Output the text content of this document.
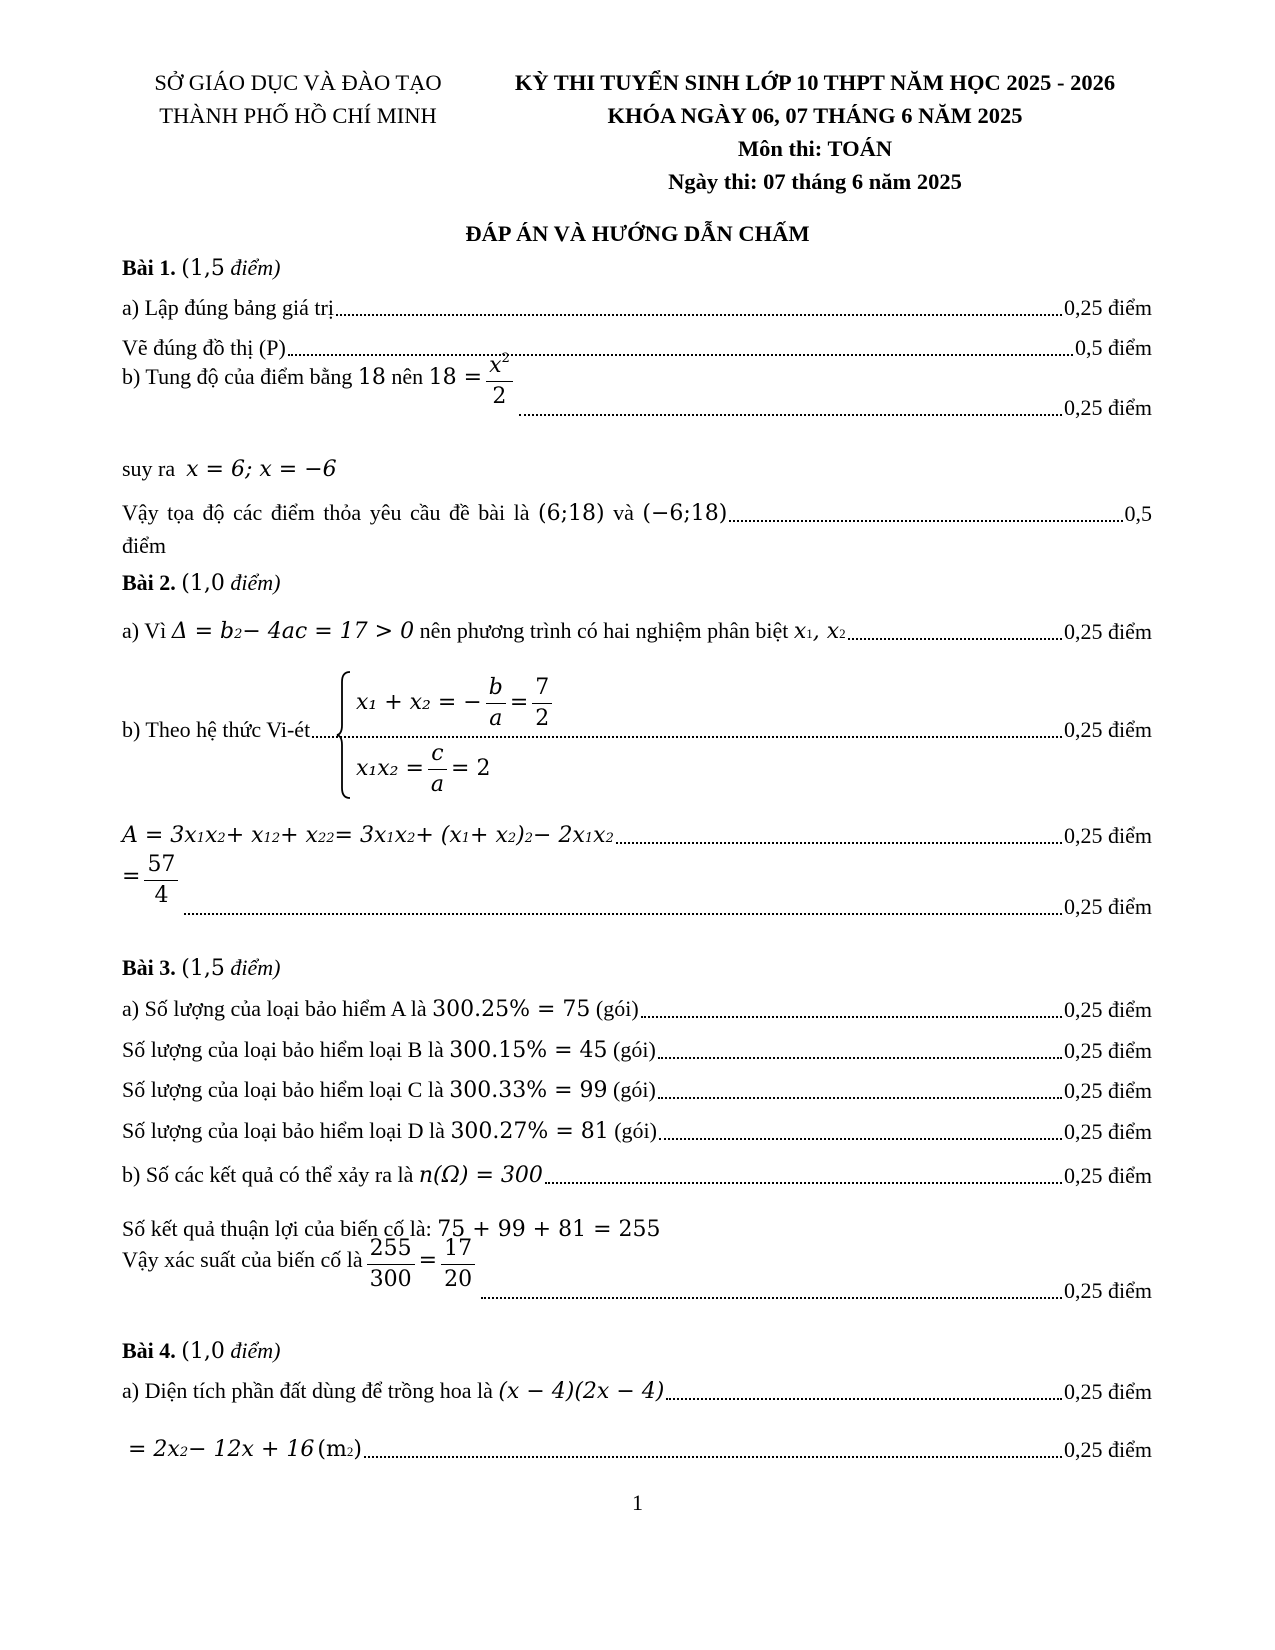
SỞ GIÁO DỤC VÀ ĐÀO TẠO
THÀNH PHỐ HỒ CHÍ MINH
KỲ THI TUYỂN SINH LỚP 10 THPT NĂM HỌC 2025 - 2026
KHÓA NGÀY 06, 07 THÁNG 6 NĂM 2025
Môn thi: TOÁN
Ngày thi: 07 tháng 6 năm 2025
ĐÁP ÁN VÀ HƯỚNG DẪN CHẤM
Bài 1. (1,5 điểm)
a) Lập đúng bảng giá trị	0,25 điểm
Vẽ đúng đồ thị (P)	0,5 điểm
b) Tung độ của điểm bằng
18
nên
$18 = \frac{x^2}{2}$	0,25 điểm
suy ra x = 6; x = −6
Vậy tọa độ các điểm thỏa yêu cầu đề bài là
(6;18)
và
(−6;18)	0,5
điểm
Bài 2. (1,0 điểm)
a) Vì
Δ = b 2 − 4ac = 17 > 0
nên phương trình có hai nghiệm phân biệt
x 1 , x 2	0,25 điểm
b) Theo hệ thức Vi-ét	0,25 điểm
x₁ + x₂ = − $\frac{b}{a} = \frac{7}{2}$
$x_1x_2 = \frac{c}{a} = 2$
A = 3x 1 x 2 + x 1 2 + x 2 2 = 3x 1 x 2 + (x 1 + x 2 ) 2 − 2x 1 x 2	0,25 điểm
= $\frac{57}{4}$	0,25 điểm
Bài 3. (1,5 điểm)
a) Số lượng của loại bảo hiểm A là
300.25% = 75
(gói)	0,25 điểm
Số lượng của loại bảo hiểm loại B là
300.15% = 45
(gói)	0,25 điểm
Số lượng của loại bảo hiểm loại C là
300.33% = 99
(gói)	0,25 điểm
Số lượng của loại bảo hiểm loại D là
300.27% = 81
(gói)	0,25 điểm
b) Số các kết quả có thể xảy ra là
n(Ω) = 300	0,25 điểm
Số kết quả thuận lợi của biến cố là: 75 + 99 + 81 = 255
Vậy xác suất của biến cố là $\frac{255}{300} = \frac{17}{20}$	0,25 điểm
Bài 4. (1,0 điểm)
a) Diện tích phần đất dùng để trồng hoa là
(x − 4)(2x − 4)	0,25 điểm
= 2x 2 − 12x + 16 (m 2 )	0,25 điểm
1
